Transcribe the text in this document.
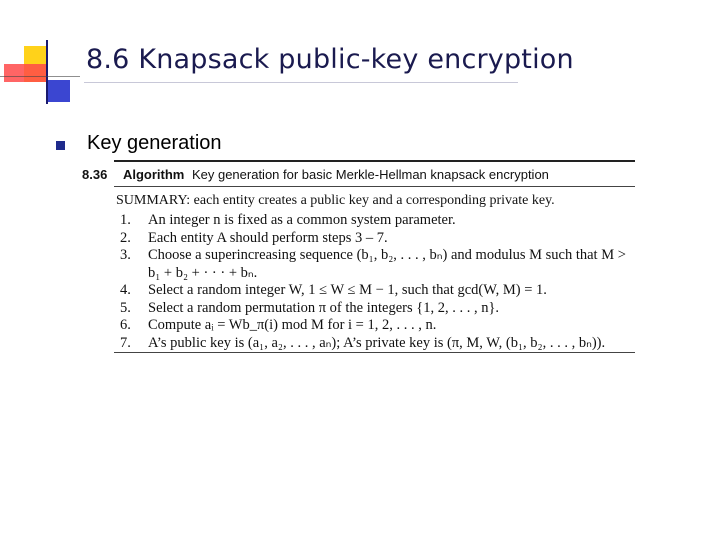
8.6 Knapsack public-key encryption
Key generation
8.36 Algorithm Key generation for basic Merkle-Hellman knapsack encryption
SUMMARY: each entity creates a public key and a corresponding private key.
1.	An integer n is fixed as a common system parameter.
2.	Each entity A should perform steps 3 – 7.
3.	Choose a superincreasing sequence (b₁, b₂, . . . , bₙ) and modulus M such that M >
b₁ + b₂ + · · · + bₙ.
4.	Select a random integer W, 1 ≤ W ≤ M − 1, such that gcd(W, M) = 1.
5.	Select a random permutation π of the integers {1, 2, . . . , n}.
6.	Compute aᵢ = Wb_π(i) mod M for i = 1, 2, . . . , n.
7.	A’s public key is (a₁, a₂, . . . , aₙ); A’s private key is (π, M, W, (b₁, b₂, . . . , bₙ)).
